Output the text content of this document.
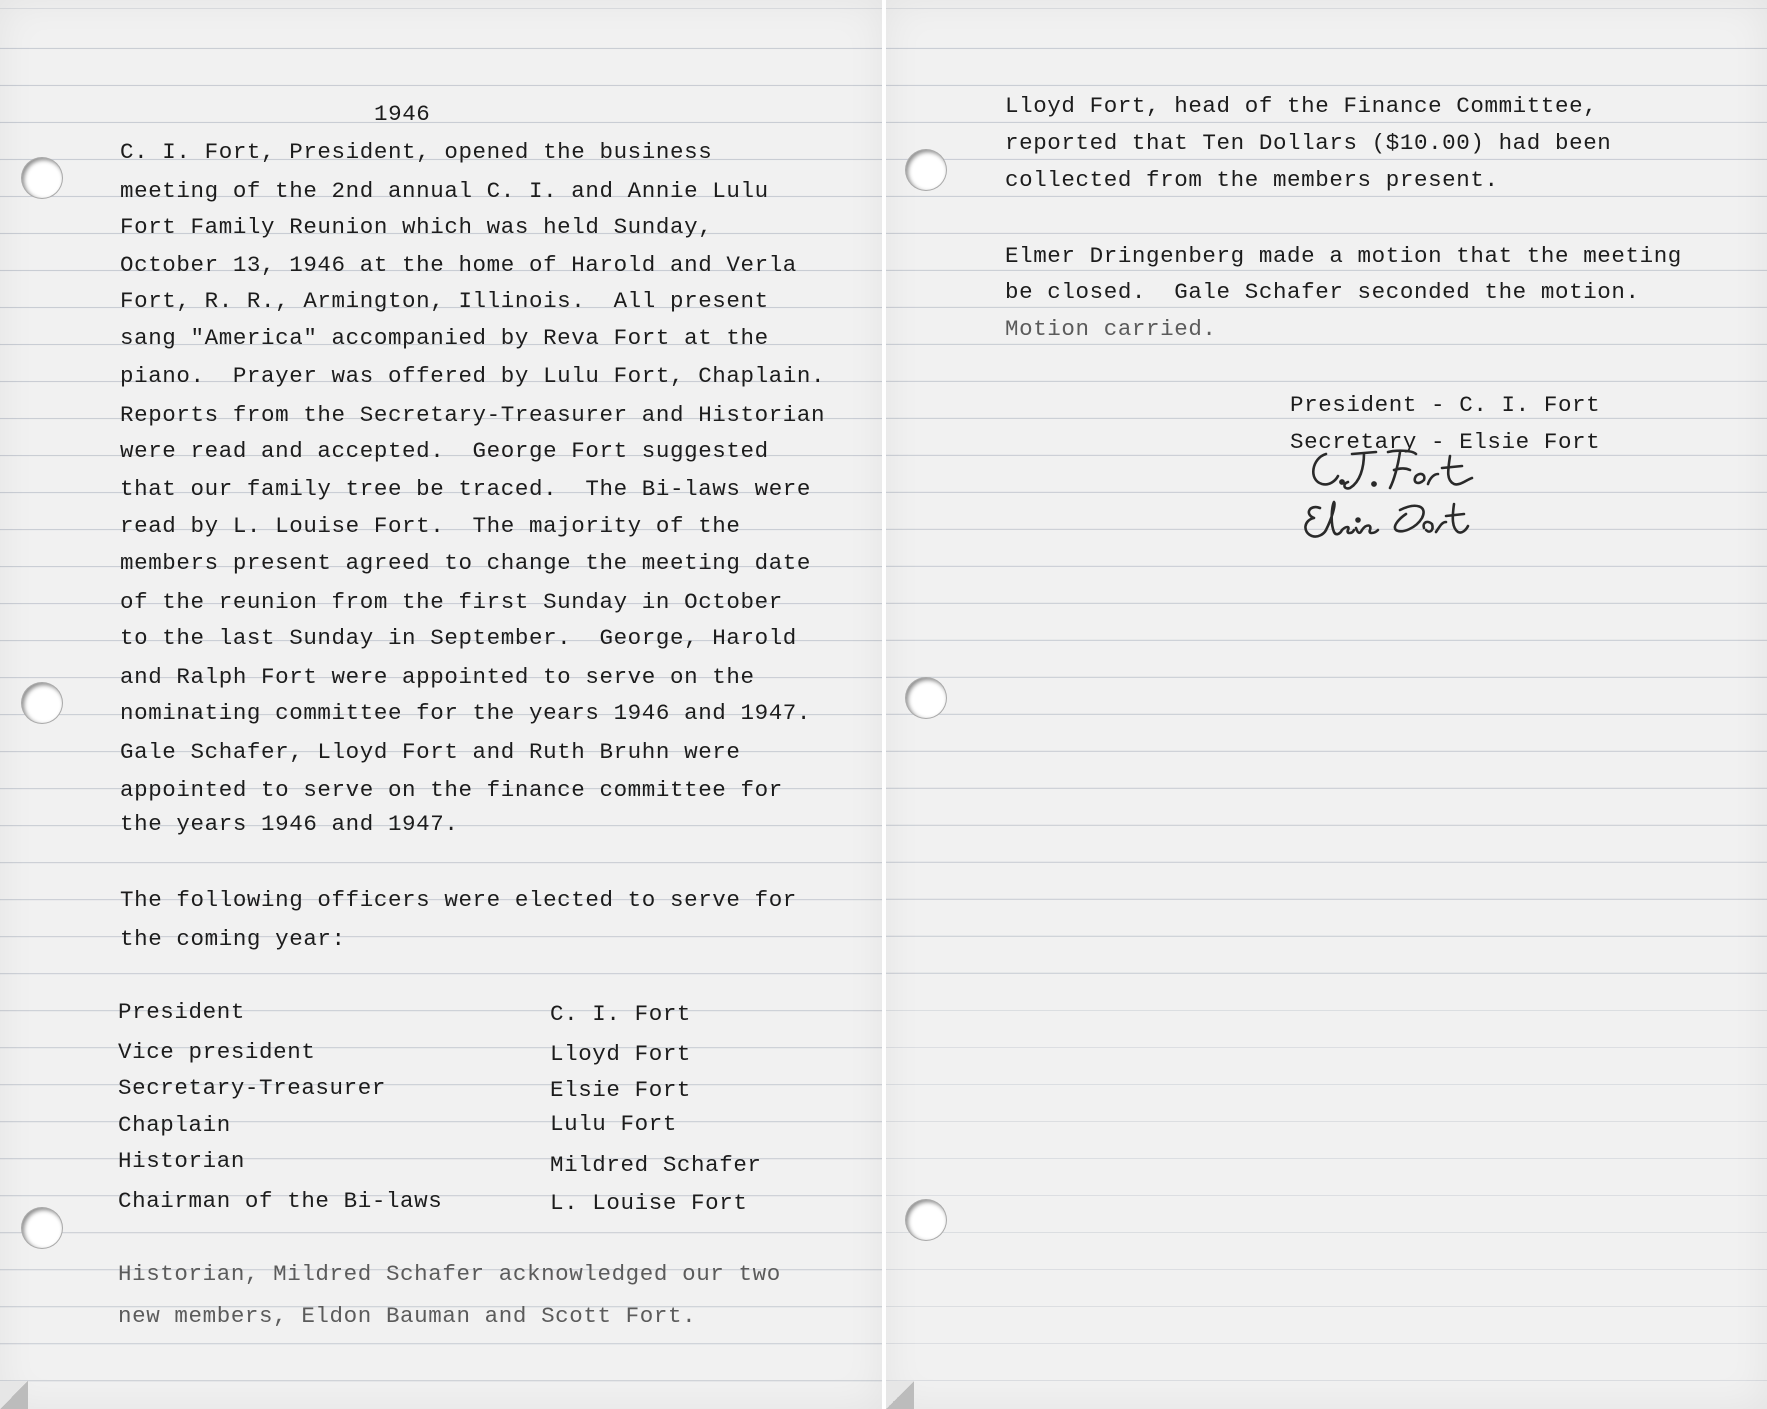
1946
C. I. Fort, President, opened the business
meeting of the 2nd annual C. I. and Annie Lulu
Fort Family Reunion which was held Sunday,
October 13, 1946 at the home of Harold and Verla
Fort, R. R., Armington, Illinois.  All present
sang "America" accompanied by Reva Fort at the
piano.  Prayer was offered by Lulu Fort, Chaplain.
Reports from the Secretary-Treasurer and Historian
were read and accepted.  George Fort suggested
that our family tree be traced.  The Bi-laws were
read by L. Louise Fort.  The majority of the
members present agreed to change the meeting date
of the reunion from the first Sunday in October
to the last Sunday in September.  George, Harold
and Ralph Fort were appointed to serve on the
nominating committee for the years 1946 and 1947.
Gale Schafer, Lloyd Fort and Ruth Bruhn were
appointed to serve on the finance committee for
the years 1946 and 1947.
The following officers were elected to serve for
the coming year:
President	C. I. Fort
Vice president	Lloyd Fort
Secretary-Treasurer	Elsie Fort
Chaplain	Lulu Fort
Historian	Mildred Schafer
Chairman of the Bi-laws	L. Louise Fort
Historian, Mildred Schafer acknowledged our two
new members, Eldon Bauman and Scott Fort.
Lloyd Fort, head of the Finance Committee,
reported that Ten Dollars ($10.00) had been
collected from the members present.
Elmer Dringenberg made a motion that the meeting
be closed.  Gale Schafer seconded the motion.
Motion carried.
President - C. I. Fort
Secretary - Elsie Fort
